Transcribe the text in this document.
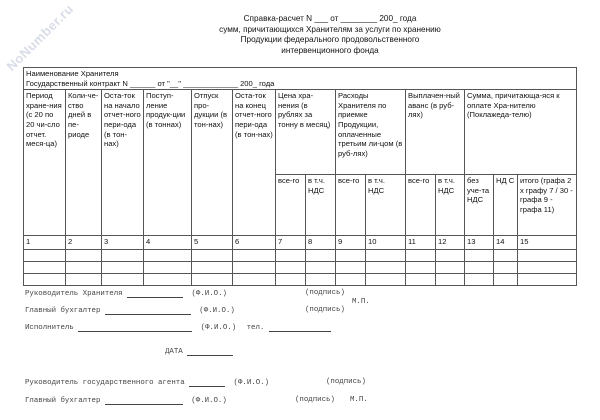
NoNumber.ru	Справка-расчет N ___ от ________ 200_ года
сумм, причитающихся Хранителям за услуги по хранению
Продукции федерального продовольственного
интервенционного фонда
Наименование Хранителя
Государственный контракт N ______ от "__" _____________ 200_ года														

Период хране-ния (с 20 по 20 чи-сло отчет. меся-ца)	Коли-че-ство дней в пе-риоде	Оста-ток на начало отчет-ного пери-ода (в тон-нах)	Поступ-ление продук-ции (в тоннах)	Отпуск про-дукции (в тон-нах)	Оста-ток на конец отчет-ного пери-ода (в тон-нах)	Цена хра-нения (в рублях за тонну в месяц)		Расходы Хранителя по приемке Продукции, оплаченные третьим ли-цом (в руб-лях)		Выплачен-ный аванс (в руб-лях)		Сумма, причитающа-яся к оплате Хра-нителю (Поклажеда-телю)		
						все-го	в т.ч. НДС	все-го	в т.ч. НДС	все-го	в т.ч. НДС	без уче-та НДС	НД С	итого (графа 2 х графу 7 / 30 - графа 9 - графа 11)
1	2	3	4	5	6	7	8	9	10	11	12	13	14	15

Руководитель Хранителя	(Ф.И.О.)	(подпись)
М.П.
Главный бухгалтер	(Ф.И.О.)	(подпись)
Исполнитель	(Ф.И.О.) тел.
ДАТА
Руководитель государственного агента	(Ф.И.О.)	(подпись)
Главный бухгалтер	(Ф.И.О.)	(подпись) М.П.
